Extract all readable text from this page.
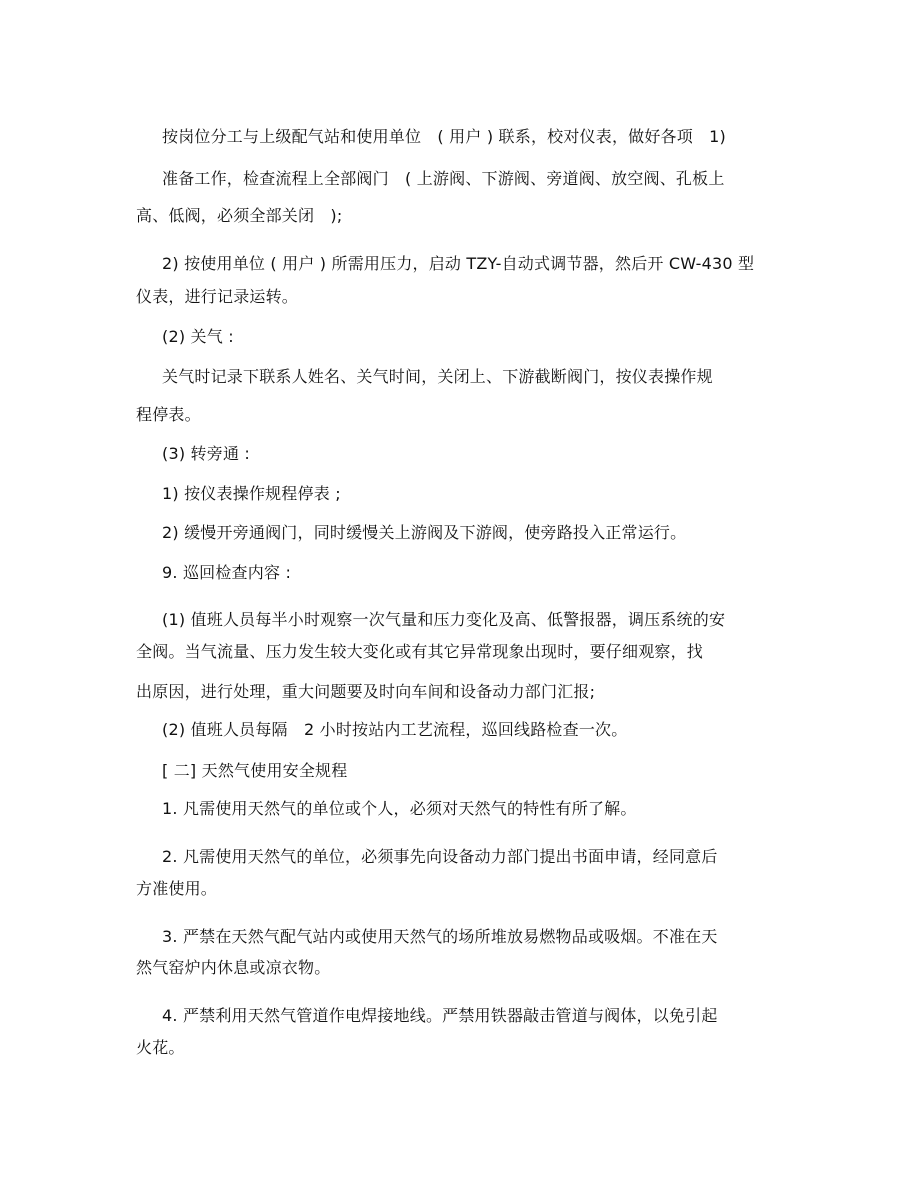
按岗位分工与上级配气站和使用单位　( 用户 ) 联系，校对仪表，做好各项　1)
准备工作，检查流程上全部阀门　( 上游阀、下游阀、旁道阀、放空阀、孔板上
高、低阀，必须全部关闭　);
2) 按使用单位 ( 用户 ) 所需用压力，启动 TZY-自动式调节器，然后开 CW-430 型
仪表，进行记录运转。
(2) 关气 :
关气时记录下联系人姓名、关气时间，关闭上、下游截断阀门，按仪表操作规
程停表。
(3) 转旁通 :
1) 按仪表操作规程停表 ;
2) 缓慢开旁通阀门，同时缓慢关上游阀及下游阀，使旁路投入正常运行。
9. 巡回检查内容 :
(1) 值班人员每半小时观察一次气量和压力变化及高、低警报器，调压系统的安
全阀。当气流量、压力发生较大变化或有其它异常现象出现时，要仔细观察，找
出原因，进行处理，重大问题要及时向车间和设备动力部门汇报;
(2) 值班人员每隔　2 小时按站内工艺流程，巡回线路检查一次。
[ 二] 天然气使用安全规程
1. 凡需使用天然气的单位或个人，必须对天然气的特性有所了解。
2. 凡需使用天然气的单位，必须事先向设备动力部门提出书面申请，经同意后
方准使用。
3. 严禁在天然气配气站内或使用天然气的场所堆放易燃物品或吸烟。不准在天
然气窑炉内休息或凉衣物。
4. 严禁利用天然气管道作电焊接地线。严禁用铁器敲击管道与阀体，以免引起
火花。
